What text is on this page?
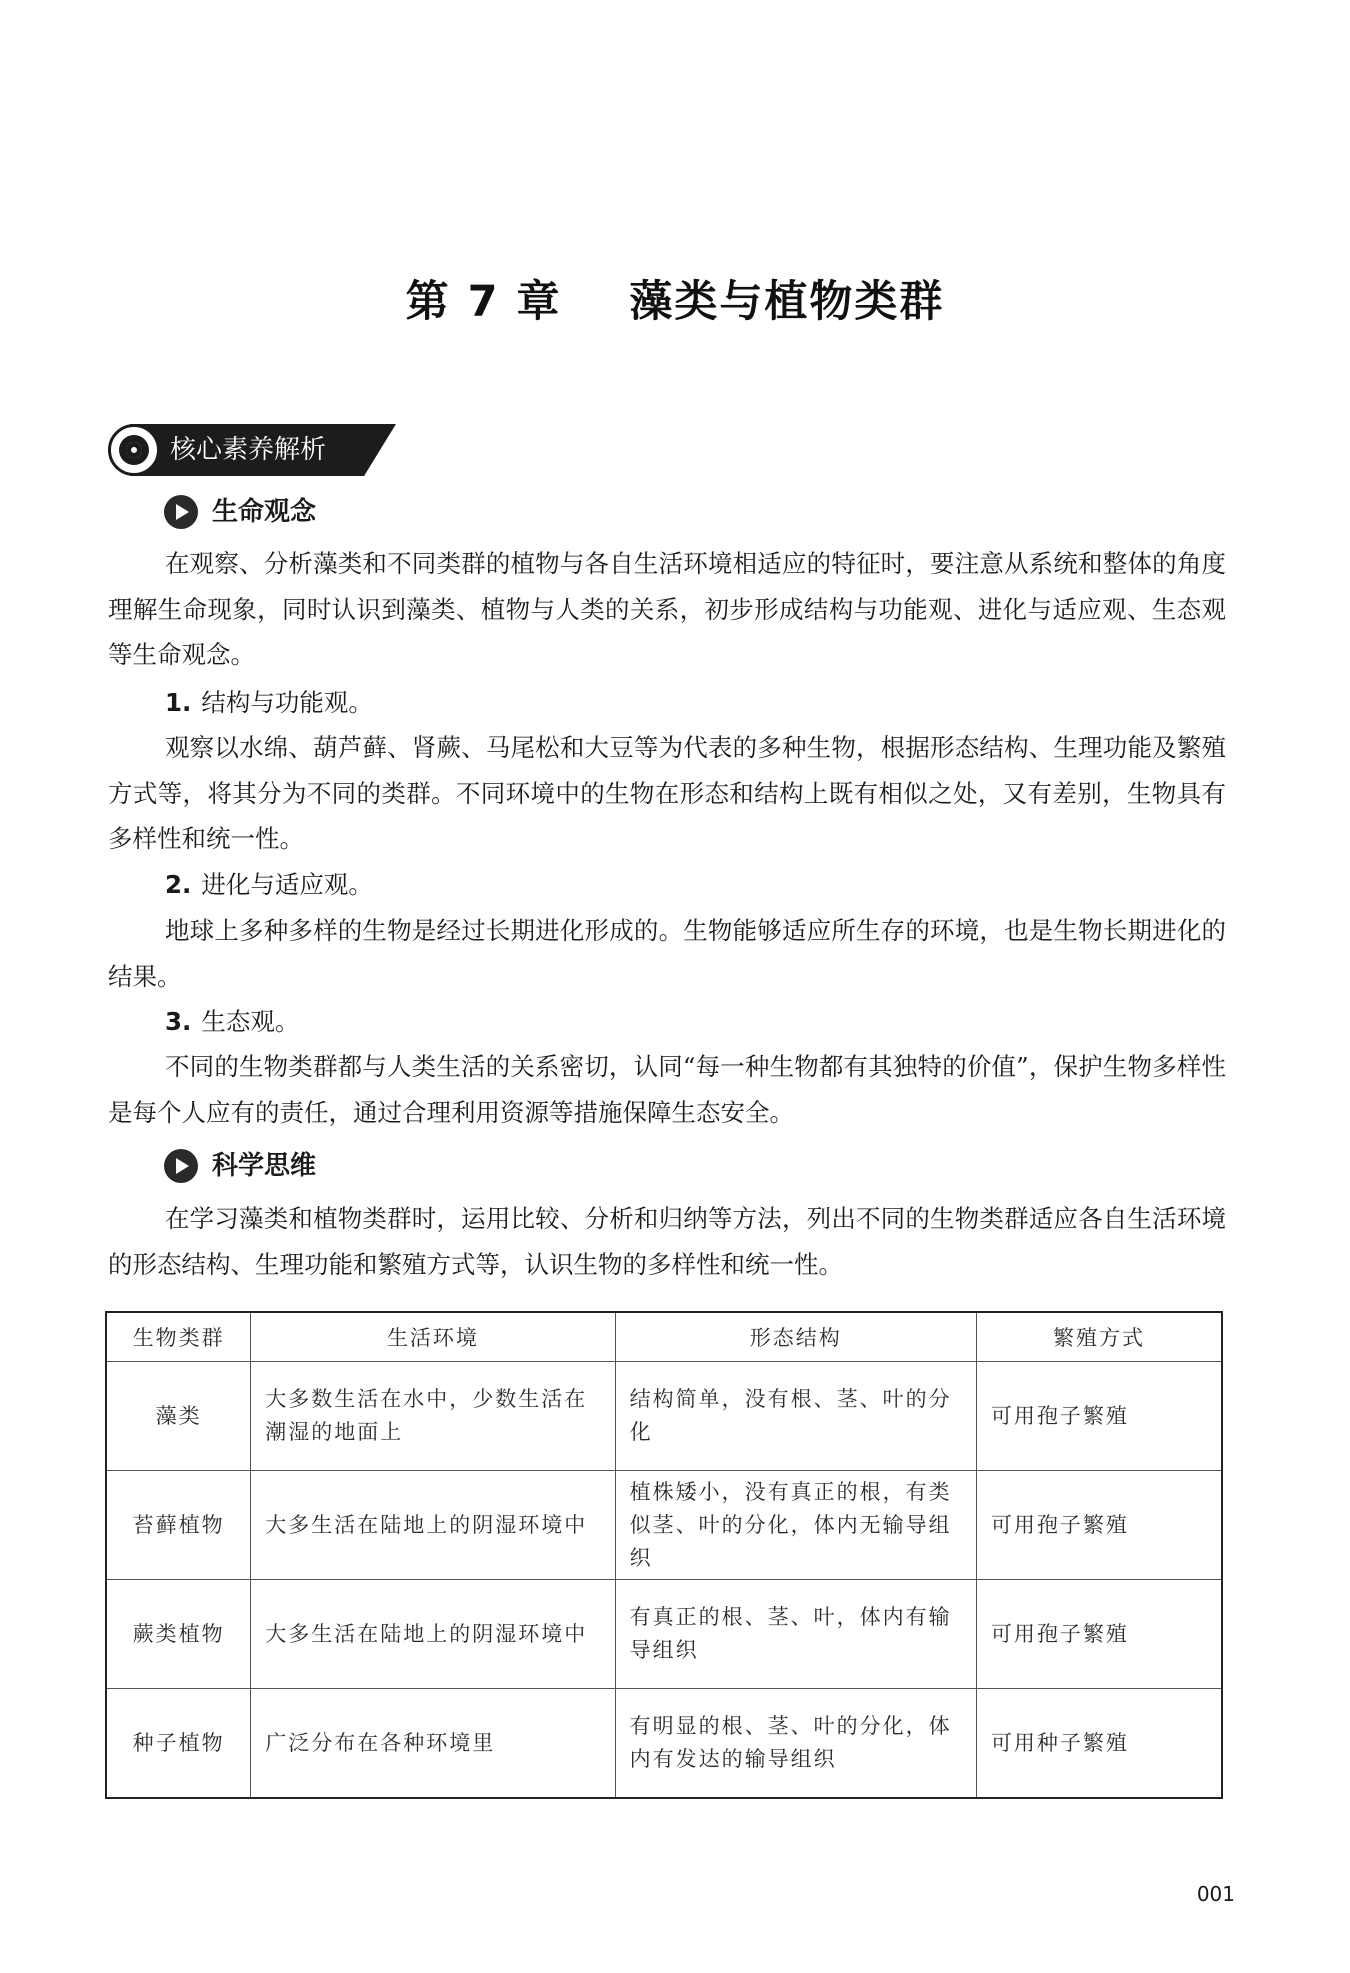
第 7 章    藻类与植物类群
核心素养解析
生命观念

在观察、分析藻类和不同类群的植物与各自生活环境相适应的特征时，要注意从系统和整体的角度理解生命现象，同时认识到藻类、植物与人类的关系，初步形成结构与功能观、进化与适应观、生态观等生命观念。

1. 结构与功能观。

观察以水绵、葫芦藓、肾蕨、马尾松和大豆等为代表的多种生物，根据形态结构、生理功能及繁殖方式等，将其分为不同的类群。不同环境中的生物在形态和结构上既有相似之处，又有差别，生物具有多样性和统一性。

2. 进化与适应观。

地球上多种多样的生物是经过长期进化形成的。生物能够适应所生存的环境，也是生物长期进化的结果。

3. 生态观。

不同的生物类群都与人类生活的关系密切，认同“每一种生物都有其独特的价值”，保护生物多样性是每个人应有的责任，通过合理利用资源等措施保障生态安全。

科学思维

在学习藻类和植物类群时，运用比较、分析和归纳等方法，列出不同的生物类群适应各自生活环境的形态结构、生理功能和繁殖方式等，认识生物的多样性和统一性。

生物类群	生活环境	形态结构	繁殖方式
藻类	大多数生活在水中，少数生活在潮湿的地面上	结构简单，没有根、茎、叶的分化	可用孢子繁殖
苔藓植物	大多生活在陆地上的阴湿环境中	植株矮小，没有真正的根，有类似茎、叶的分化，体内无输导组织	可用孢子繁殖
蕨类植物	大多生活在陆地上的阴湿环境中	有真正的根、茎、叶，体内有输导组织	可用孢子繁殖
种子植物	广泛分布在各种环境里	有明显的根、茎、叶的分化，体内有发达的输导组织	可用种子繁殖
001
